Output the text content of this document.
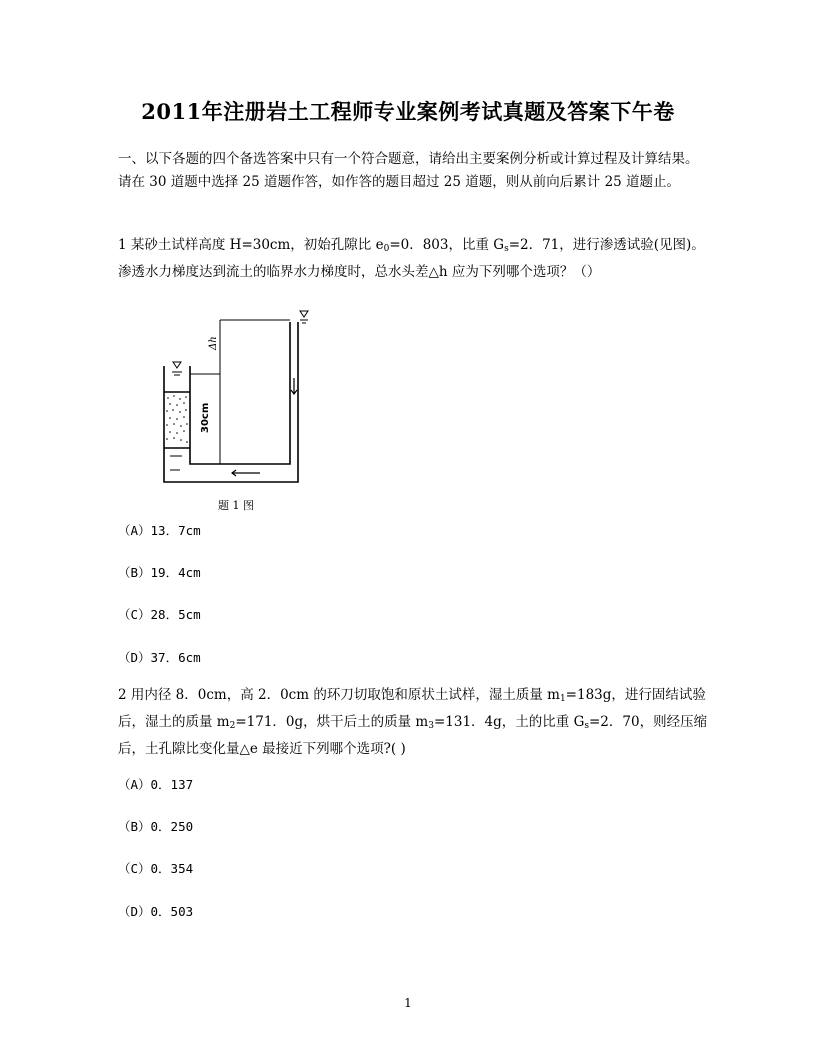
2011年注册岩土工程师专业案例考试真题及答案下午卷

一、以下各题的四个备选答案中只有一个符合题意，请给出主要案例分析或计算过程及计算结果。请在 30 道题中选择 25 道题作答，如作答的题目超过 25 道题，则从前向后累计 25 道题止。

1 某砂土试样高度 H=30cm，初始孔隙比 $e_0=0$．803，比重 $G_s=2$．71，进行渗透试验(见图)。渗透水力梯度达到流土的临界水力梯度时，总水头差△h 应为下列哪个选项？（）

Δh
30cm

题 1 图

（A）13．7cm

（B）19．4cm

（C）28．5cm

（D）37．6cm

2 用内径 8．0cm，高 2．0cm 的环刀切取饱和原状土试样，湿土质量 $m_1=183g$，进行固结试验后，湿土的质量 $m_2=171$．0g，烘干后土的质量 $m_3=131$．4g，土的比重 $G_s=2$．70，则经压缩后，土孔隙比变化量△e 最接近下列哪个选项?( )

（A）0．137

（B）0．250

（C）0．354

（D）0．503

1
